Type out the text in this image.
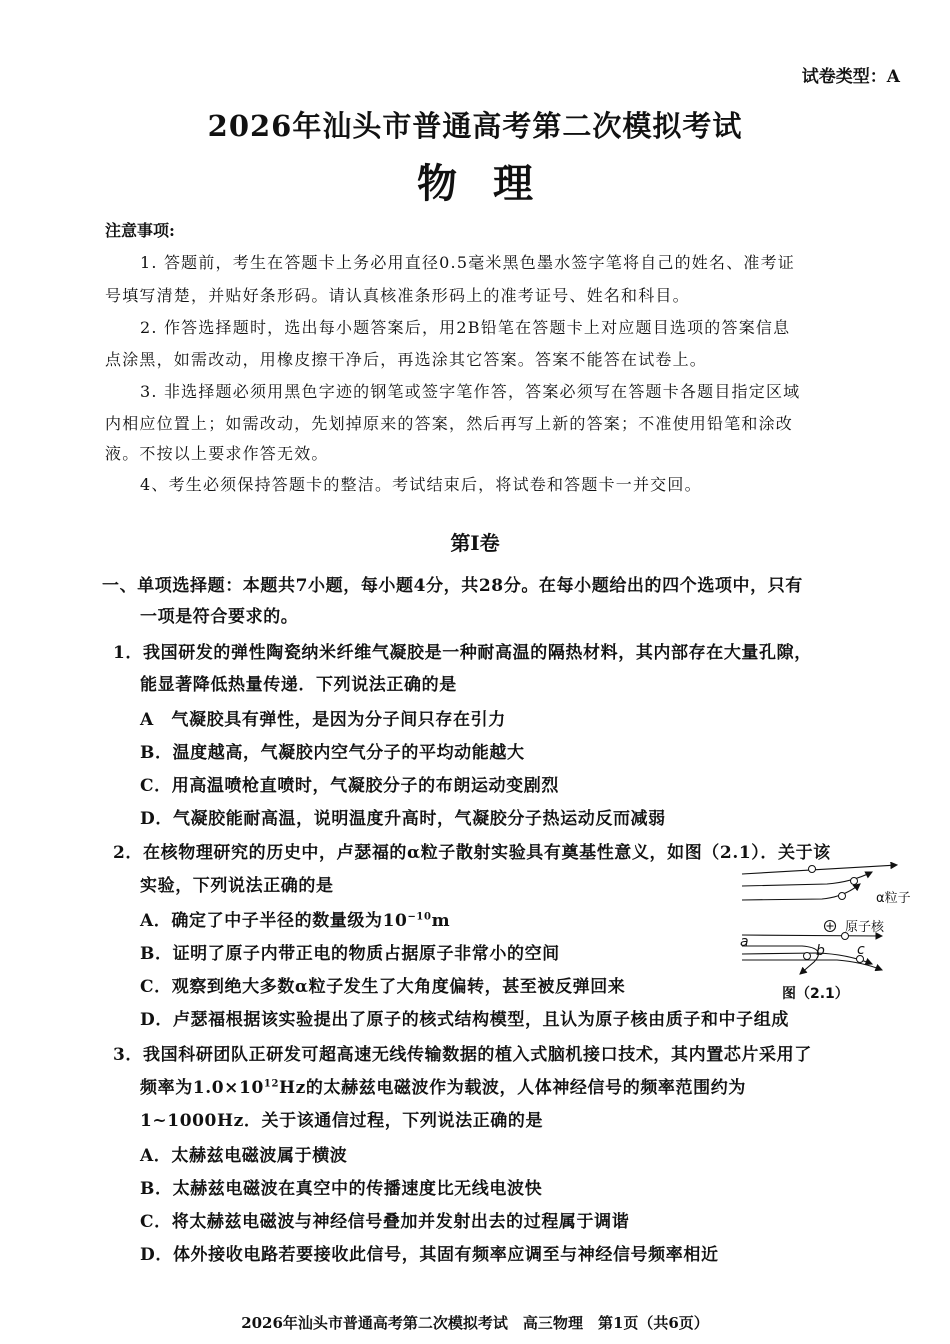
试卷类型：A
2026年汕头市普通高考第二次模拟考试
物理
注意事项:
1. 答题前，考生在答题卡上务必用直径0.5毫米黑色墨水签字笔将自己的姓名、准考证
号填写清楚，并贴好条形码。请认真核准条形码上的准考证号、姓名和科目。
2. 作答选择题时，选出每小题答案后，用2B铅笔在答题卡上对应题目选项的答案信息
点涂黑，如需改动，用橡皮擦干净后，再选涂其它答案。答案不能答在试卷上。
3. 非选择题必须用黑色字迹的钢笔或签字笔作答，答案必须写在答题卡各题目指定区域
内相应位置上；如需改动，先划掉原来的答案，然后再写上新的答案；不准使用铅笔和涂改
液。不按以上要求作答无效。
4、考生必须保持答题卡的整洁。考试结束后，将试卷和答题卡一并交回。
第Ⅰ卷
一、单项选择题：本题共7小题，每小题4分，共28分。在每小题给出的四个选项中，只有
一项是符合要求的。
1．我国研发的弹性陶瓷纳米纤维气凝胶是一种耐高温的隔热材料，其内部存在大量孔隙，
能显著降低热量传递．下列说法正确的是
A　气凝胶具有弹性，是因为分子间只存在引力
B．温度越高，气凝胶内空气分子的平均动能越大
C．用高温喷枪直喷时，气凝胶分子的布朗运动变剧烈
D．气凝胶能耐高温，说明温度升高时，气凝胶分子热运动反而减弱
2．在核物理研究的历史中，卢瑟福的α粒子散射实验具有奠基性意义，如图（2.1）．关于该
实验，下列说法正确的是
A．确定了中子半径的数量级为$10^{-10}m$
B．证明了原子内带正电的物质占据原子非常小的空间
C．观察到绝大多数α粒子发生了大角度偏转，甚至被反弹回来
D．卢瑟福根据该实验提出了原子的核式结构模型，且认为原子核由质子和中子组成
α粒子
原子核
a
b c
图（2.1）
3．我国科研团队正研发可超高速无线传输数据的植入式脑机接口技术，其内置芯片采用了
频率为$1.0\times 10^{12}Hz$的太赫兹电磁波作为载波，人体神经信号的频率范围约为
1~1000Hz．关于该通信过程，下列说法正确的是
A．太赫兹电磁波属于横波
B．太赫兹电磁波在真空中的传播速度比无线电波快
C．将太赫兹电磁波与神经信号叠加并发射出去的过程属于调谐
D．体外接收电路若要接收此信号，其固有频率应调至与神经信号频率相近
2026年汕头市普通高考第二次模拟考试　高三物理　第1页（共6页）
